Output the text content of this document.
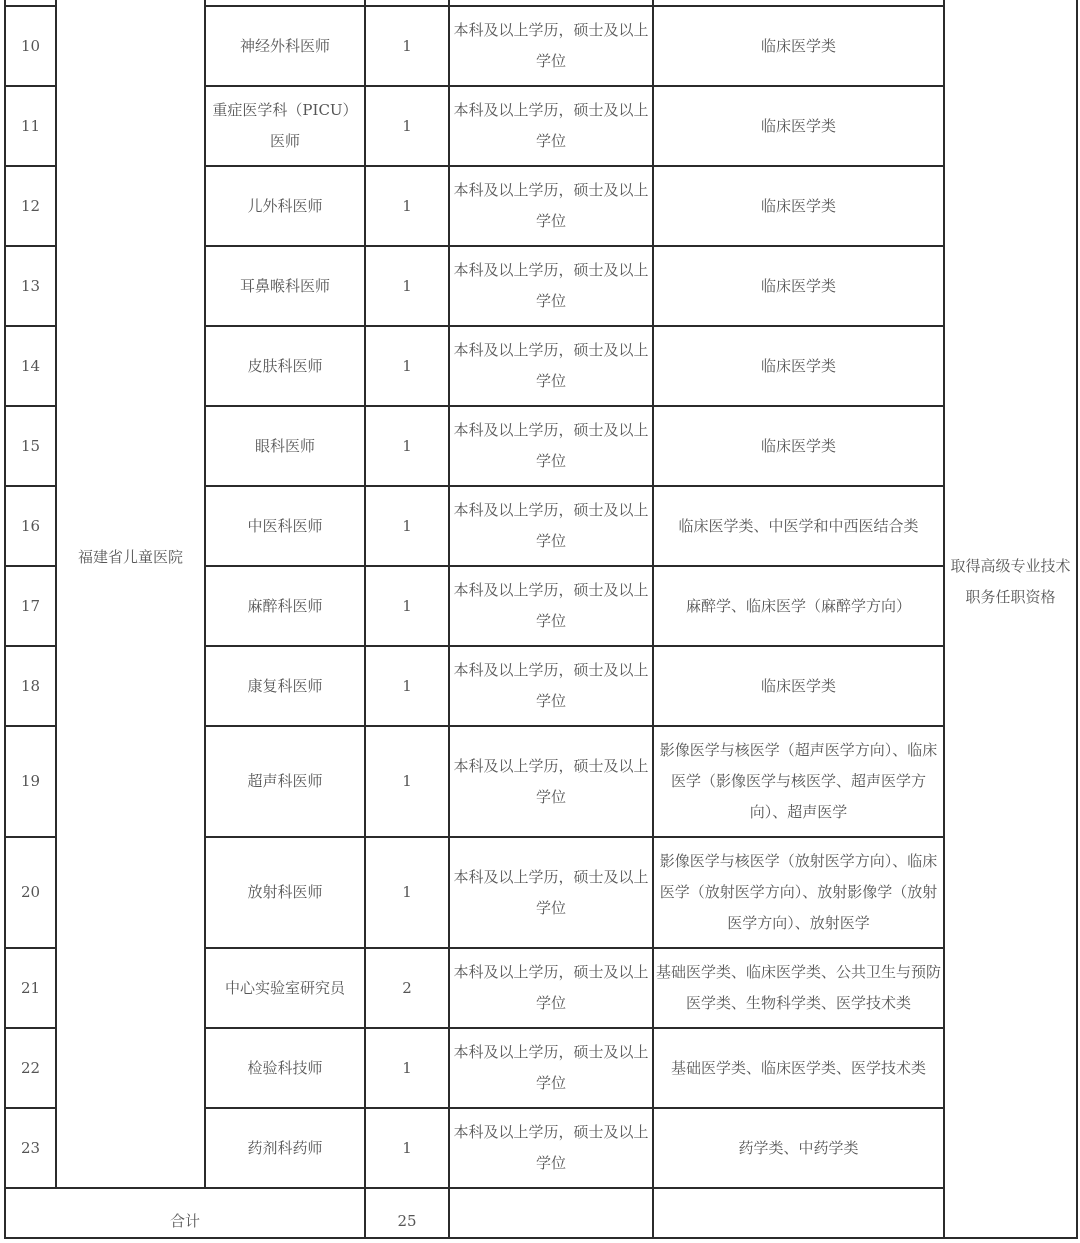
	福建省儿童医院					取得高级专业技术职务任职资格
10		神经外科医师	1	本科及以上学历，硕士及以上学位	临床医学类	
11		重症医学科（PICU）医师	1	本科及以上学历，硕士及以上学位	临床医学类	
12		儿外科医师	1	本科及以上学历，硕士及以上学位	临床医学类	
13		耳鼻喉科医师	1	本科及以上学历，硕士及以上学位	临床医学类	
14		皮肤科医师	1	本科及以上学历，硕士及以上学位	临床医学类	
15		眼科医师	1	本科及以上学历，硕士及以上学位	临床医学类	
16		中医科医师	1	本科及以上学历，硕士及以上学位	临床医学类、中医学和中西医结合类	
17		麻醉科医师	1	本科及以上学历，硕士及以上学位	麻醉学、临床医学（麻醉学方向）	
18		康复科医师	1	本科及以上学历，硕士及以上学位	临床医学类	
19		超声科医师	1	本科及以上学历，硕士及以上学位	影像医学与核医学（超声医学方向）、临床医学（影像医学与核医学、超声医学方向）、超声医学	
20		放射科医师	1	本科及以上学历，硕士及以上学位	影像医学与核医学（放射医学方向）、临床医学（放射医学方向）、放射影像学（放射医学方向）、放射医学	
21		中心实验室研究员	2	本科及以上学历，硕士及以上学位	基础医学类、临床医学类、公共卫生与预防医学类、生物科学类、医学技术类	
22		检验科技师	1	本科及以上学历，硕士及以上学位	基础医学类、临床医学类、医学技术类	
23		药剂科药师	1	本科及以上学历，硕士及以上学位	药学类、中药学类	
合计			25			
